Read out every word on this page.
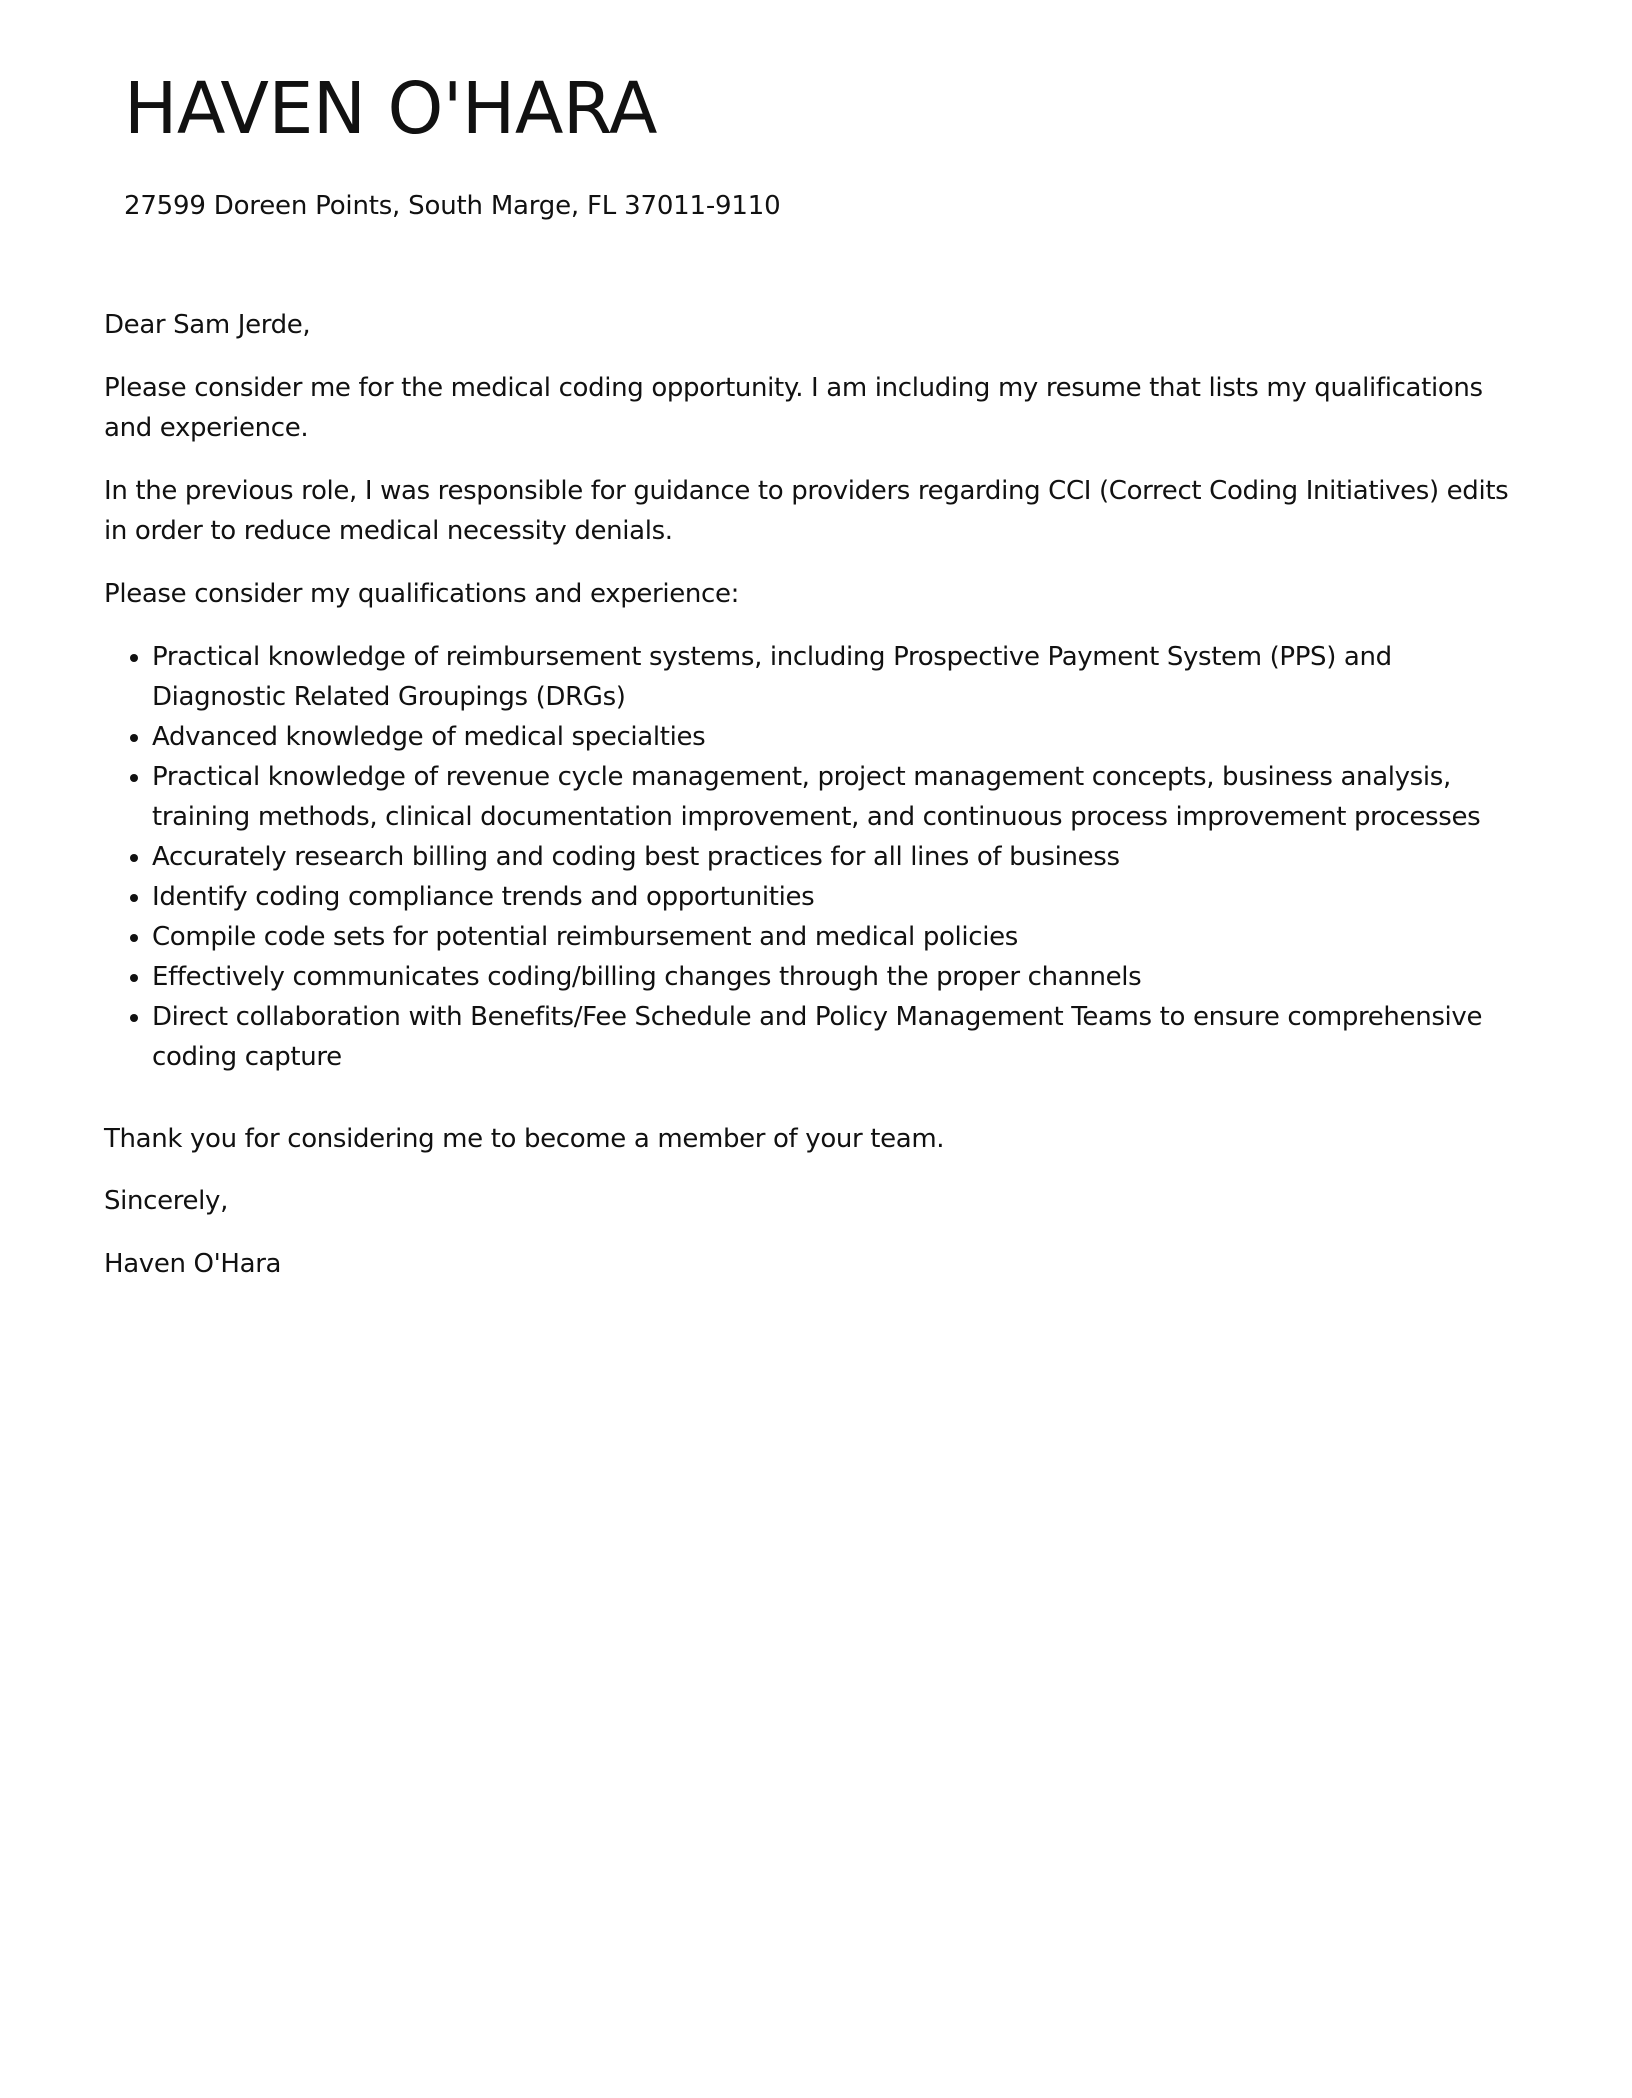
HAVEN O'HARA
27599 Doreen Points, South Marge, FL 37011-9110

Dear Sam Jerde,

Please consider me for the medical coding opportunity. I am including my resume that lists my qualifications and experience.

In the previous role, I was responsible for guidance to providers regarding CCI (Correct Coding Initiatives) edits in order to reduce medical necessity denials.

Please consider my qualifications and experience:

• Practical knowledge of reimbursement systems, including Prospective Payment System (PPS) and Diagnostic Related Groupings (DRGs)
• Advanced knowledge of medical specialties
• Practical knowledge of revenue cycle management, project management concepts, business analysis, training methods, clinical documentation improvement, and continuous process improvement processes
• Accurately research billing and coding best practices for all lines of business
• Identify coding compliance trends and opportunities
• Compile code sets for potential reimbursement and medical policies
• Effectively communicates coding/billing changes through the proper channels
• Direct collaboration with Benefits/Fee Schedule and Policy Management Teams to ensure comprehensive coding capture

Thank you for considering me to become a member of your team.

Sincerely,

Haven O'Hara
